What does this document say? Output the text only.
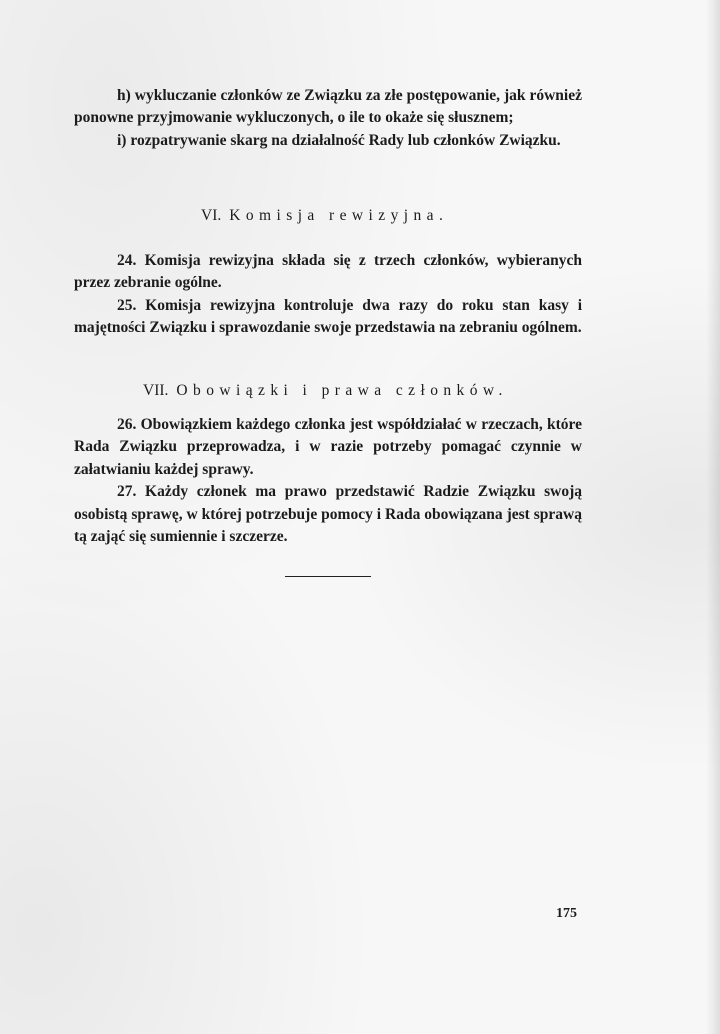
h) wykluczanie członków ze Związku za złe postępowanie, jak również ponowne przyjmowanie wykluczonych, o ile to okaże się słusznem;

i) rozpatrywanie skarg na działalność Rady lub członków Związku.

VI. Komisja rewizyjna.

24. Komisja rewizyjna składa się z trzech członków, wybieranych przez zebranie ogólne.

25. Komisja rewizyjna kontroluje dwa razy do roku stan kasy i majętności Związku i sprawozdanie swoje przedstawia na zebraniu ogólnem.

VII. Obowiązki i prawa członków.

26. Obowiązkiem każdego członka jest współdziałać w rzeczach, które Rada Związku przeprowadza, i w razie potrzeby pomagać czynnie w załatwianiu każdej sprawy.

27. Każdy członek ma prawo przedstawić Radzie Związku swoją osobistą sprawę, w której potrzebuje pomocy i Rada obowiązana jest sprawą tą zająć się sumiennie i szczerze.

175
